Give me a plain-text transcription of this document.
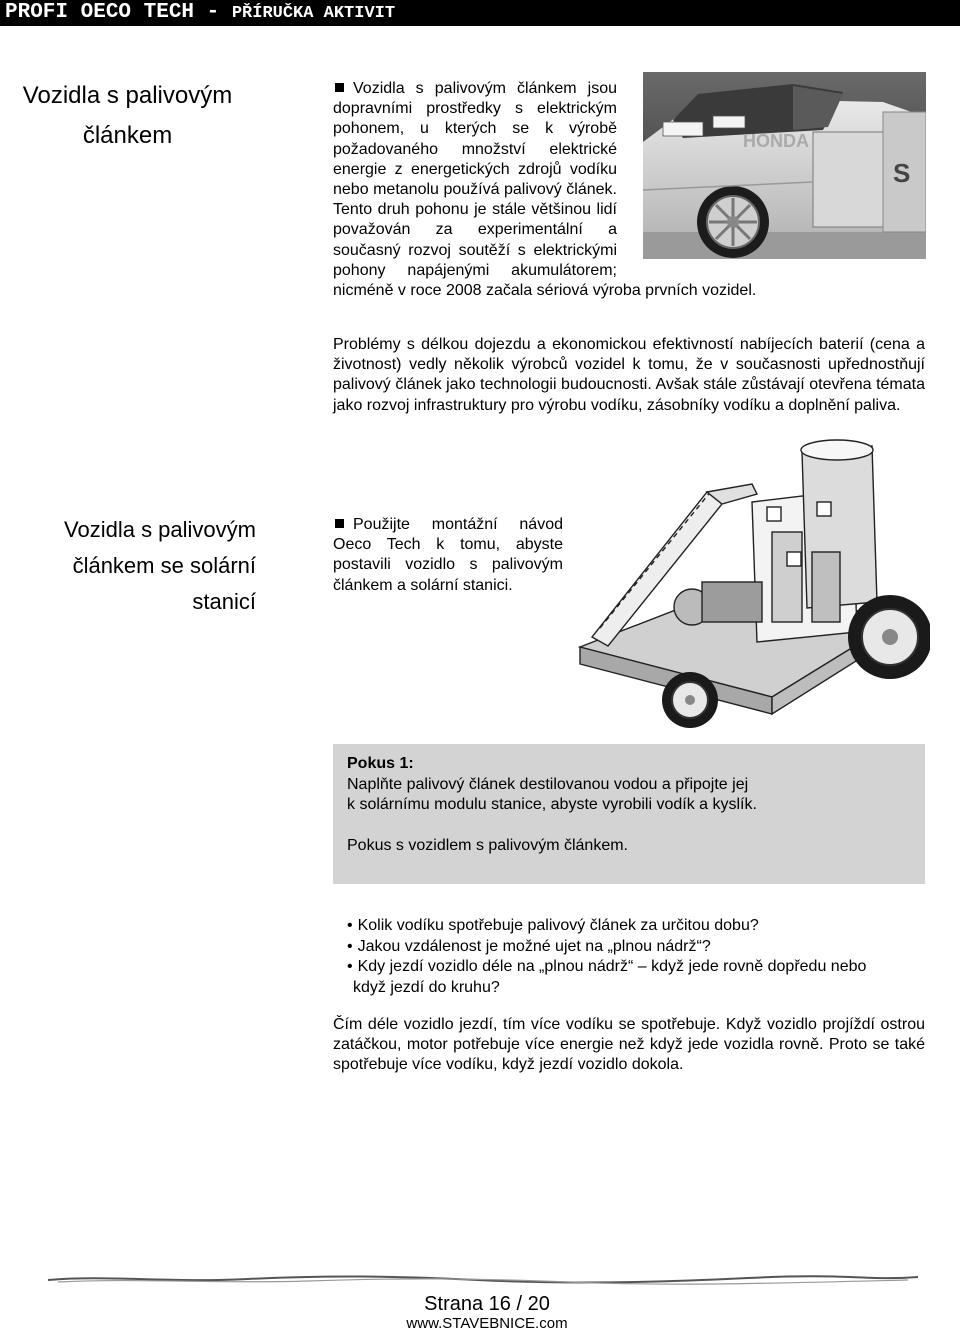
PROFI OECO TECH - PŘÍRUČKA AKTIVIT
Vozidla s palivovým
článkem
Vozidla s palivovým článkem jsou dopravními prostředky s elektrickým pohonem, u kterých se k výrobě požadovaného množství elektrické energie z energetických zdrojů vodíku nebo metanolu používá palivový článek. Tento druh pohonu je stále většinou lidí považován za experimentální a současný rozvoj soutěží s elektrickými pohony napájenými akumulátorem; nicméně v roce 2008 začala sériová výroba prvních vozidel.
HONDA
S
Problémy s délkou dojezdu a ekonomickou efektivností nabíjecích baterií (cena a životnost) vedly několik výrobců vozidel k tomu, že v současnosti upřednostňují palivový článek jako technologii budoucnosti. Avšak stále zůstávají otevřena témata jako rozvoj infrastruktury pro výrobu vodíku, zásobníky vodíku a doplnění paliva.
Vozidla s palivovým
článkem se solární
stanicí
Použijte montážní návod Oeco Tech k tomu, abyste postavili vozidlo s palivovým článkem a solární stanici.
Pokus 1:
Naplňte palivový článek destilovanou vodou a připojte jej
k solárnímu modulu stanice, abyste vyrobili vodík a kyslík.
Pokus s vozidlem s palivovým článkem.
• Kolik vodíku spotřebuje palivový článek za určitou dobu?
• Jakou vzdálenost je možné ujet na „plnou nádrž“?
• Kdy jezdí vozidlo déle na „plnou nádrž“ – když jede rovně dopředu nebo
když jezdí do kruhu?
Čím déle vozidlo jezdí, tím více vodíku se spotřebuje. Když vozidlo projíždí ostrou zatáčkou, motor potřebuje více energie než když jede vozidla rovně. Proto se také spotřebuje více vodíku, když jezdí vozidlo dokola.
Strana 16 / 20
www.STAVEBNICE.com
